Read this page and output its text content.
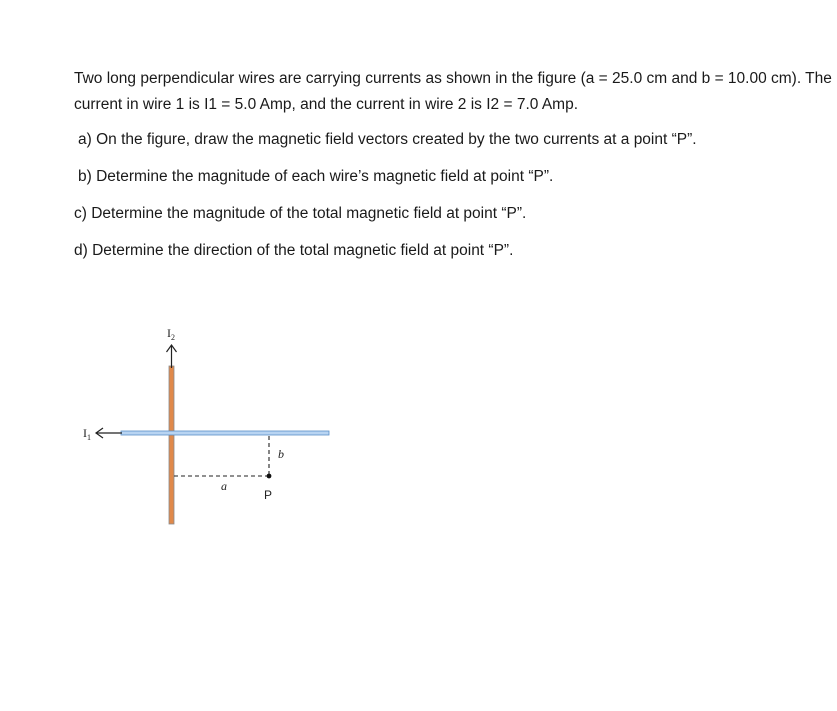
Two long perpendicular wires are carrying currents as shown in the figure (a = 25.0 cm and b = 10.00 cm). The current in wire 1 is I1 = 5.0 Amp, and the current in wire 2 is I2 = 7.0 Amp.

a) On the figure, draw the magnetic field vectors created by the two currents at a point “P”.

b) Determine the magnitude of each wire’s magnetic field at point “P”.

c) Determine the magnitude of the total magnetic field at point “P”.

d) Determine the direction of the total magnetic field at point “P”.

$I_2$
$I_1$
a
b
P
